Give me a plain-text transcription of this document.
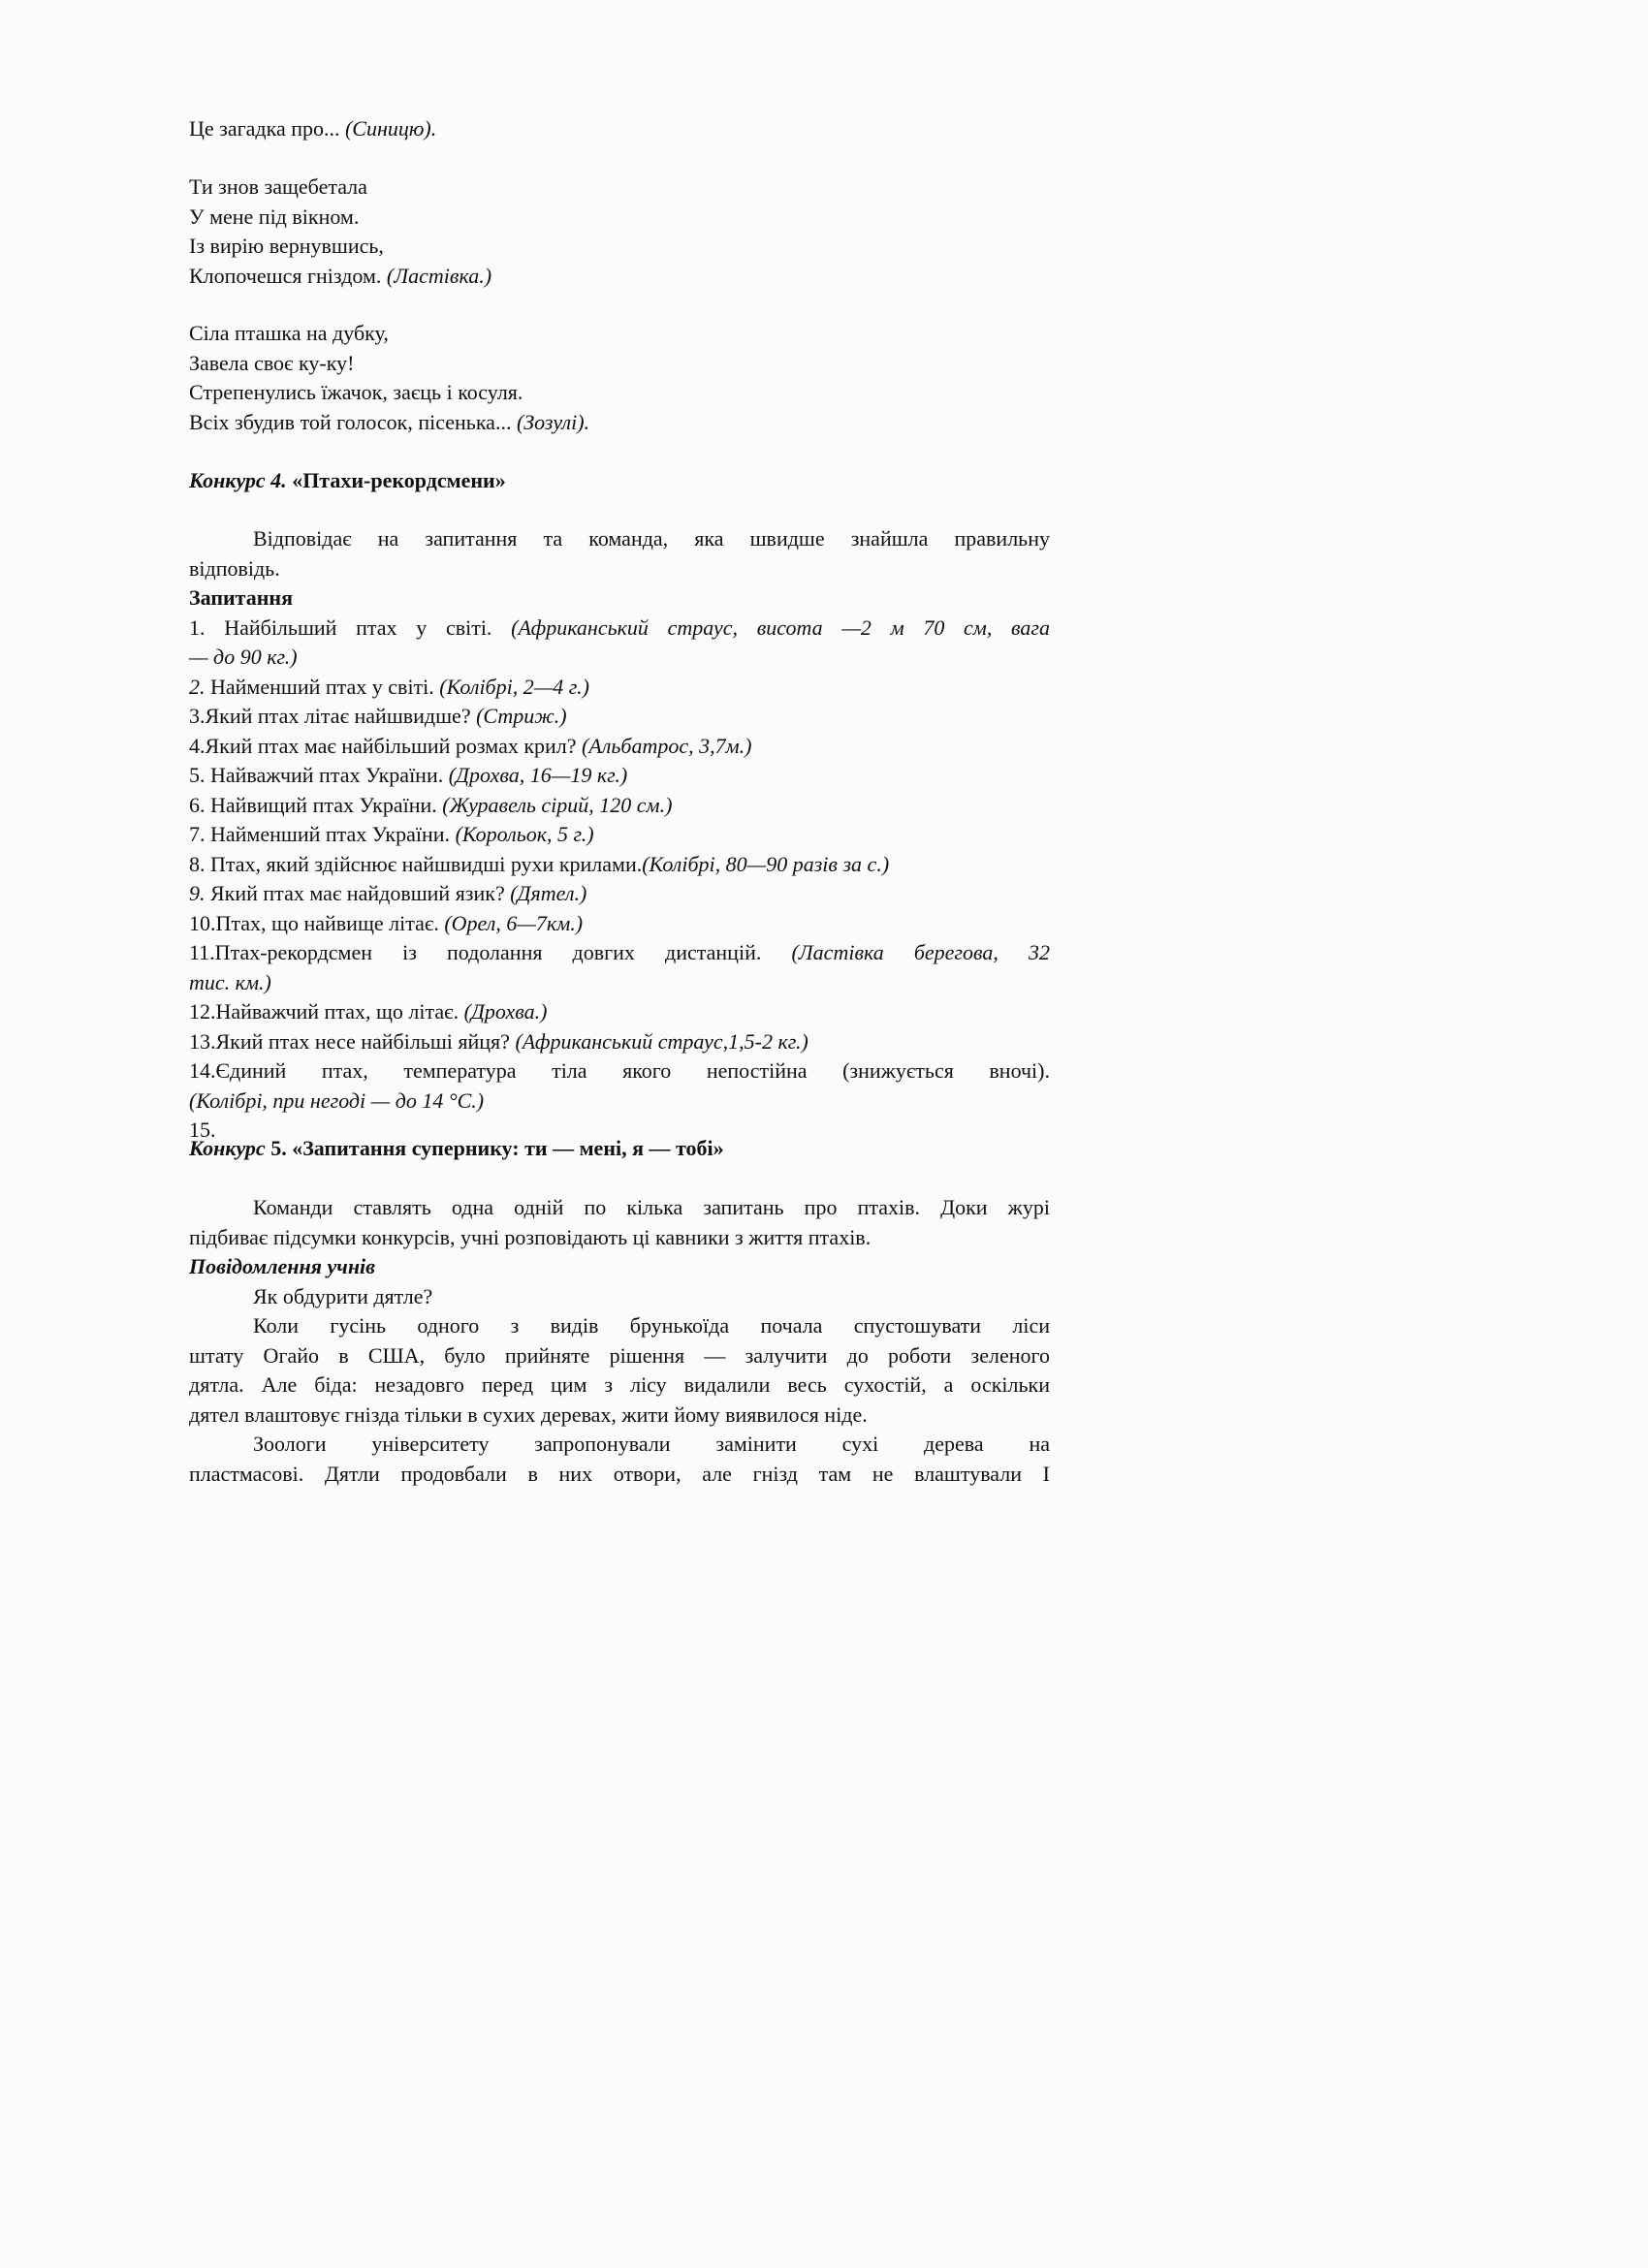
Це загадка про... (Синицю).
Ти знов защебетала
У мене під вікном.
Із вирію вернувшись,
Клопочешся гніздом. (Ластівка.)
Сіла пташка на дубку,
Завела своє ку-ку!
Стрепенулись їжачок, заєць і косуля.
Всіх збудив той голосок, пісенька... (Зозулі).
Конкурс 4. «Птахи-рекордсмени»
Відповідає на запитання та команда, яка швидше знайшла правильну
відповідь.
Запитання
1. Найбільший птах у світі. (Африканський страус, висота —2 м 70 см, вага
— до 90 кг.)
2. Найменший птах у світі. (Колібрі, 2—4 г.)
3.Який птах літає найшвидше? (Стриж.)
4.Який птах має найбільший розмах крил? (Альбатрос, 3,7м.)
5. Найважчий птах України. (Дрохва, 16—19 кг.)
6. Найвищий птах України. (Журавель сірий, 120 см.)
7. Найменший птах України. (Корольок, 5 г.)
8. Птах, який здійснює найшвидші рухи крилами.(Колібрі, 80—90 разів за с.)
9. Який птах має найдовший язик? (Дятел.)
10.Птах, що найвище літає. (Орел, 6—7км.)
11.Птах-рекордсмен із подолання довгих дистанцій. (Ластівка берегова, 32
тис. км.)
12.Найважчий птах, що літає. (Дрохва.)
13.Який птах несе найбільші яйця? (Африканський страус,1,5-2 кг.)
14.Єдиний птах, температура тіла якого непостійна (знижується вночі).
(Колібрі, при негоді — до 14 °С.)
15.
Конкурс 5. «Запитання супернику: ти — мені, я — тобі»
Команди ставлять одна одній по кілька запитань про птахів. Доки журі
підбиває підсумки конкурсів, учні розповідають ці кавники з життя птахів.
Повідомлення учнів
Як обдурити дятле?
Коли гусінь одного з видів брунькоїда почала спустошувати ліси
штату Огайо в США, було прийняте рішення — залучити до роботи зеленого
дятла. Але біда: незадовго перед цим з лісу видалили весь сухостій, а оскільки
дятел влаштовує гнізда тільки в сухих деревах, жити йому виявилося ніде.
Зоологи університету запропонували замінити сухі дерева на
пластмасові. Дятли продовбали в них отвори, але гнізд там не влаштували І
